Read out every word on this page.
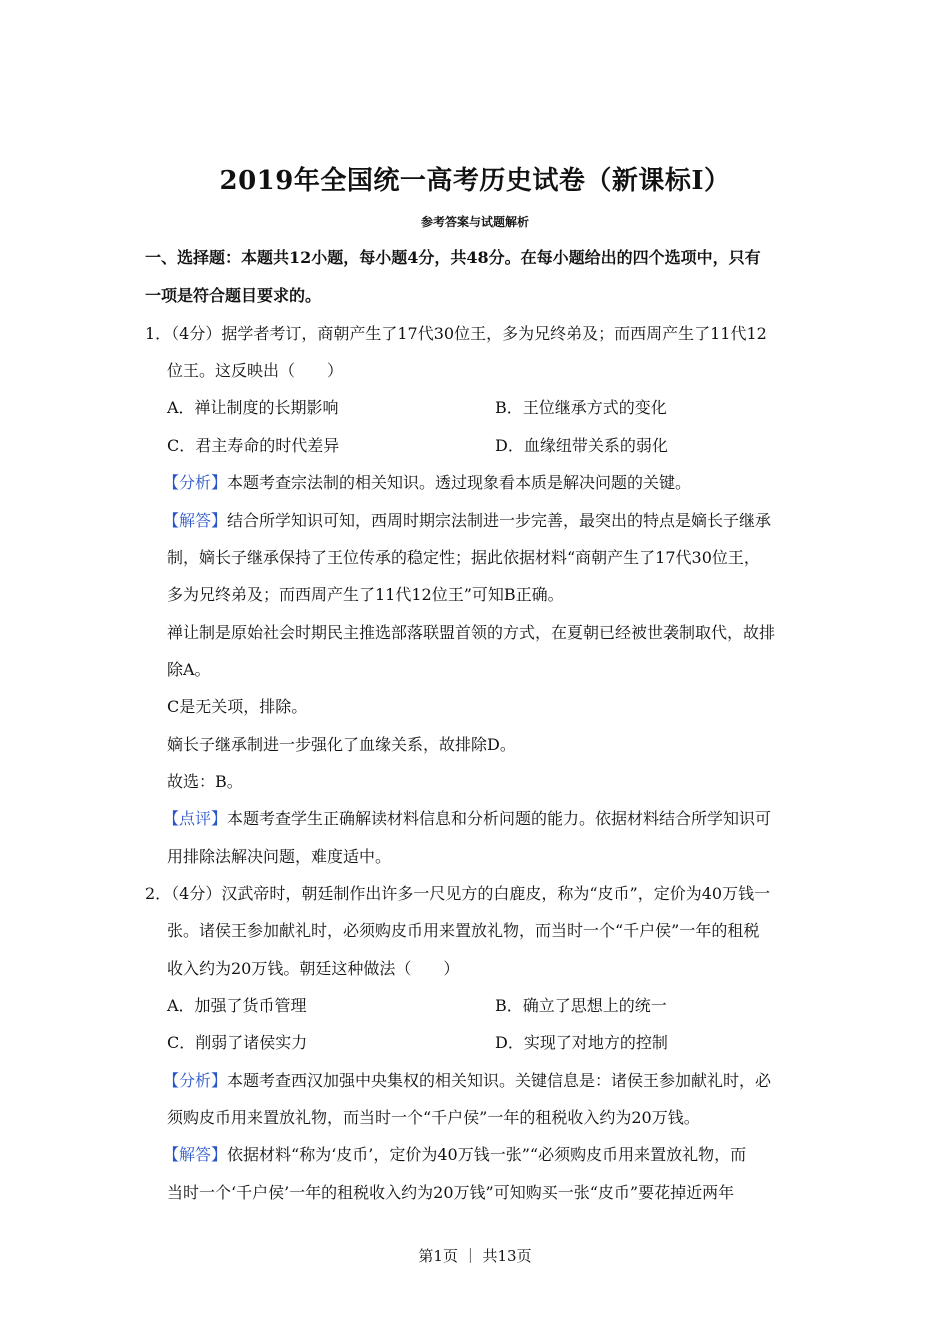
2019年全国统一高考历史试卷（新课标Ⅰ）
参考答案与试题解析
一、选择题：本题共12小题，每小题4分，共48分。在每小题给出的四个选项中，只有
一项是符合题目要求的。
1．（4分）据学者考订，商朝产生了17代30位王，多为兄终弟及；而西周产生了11代12
位王。这反映出（　　）
A．禅让制度的长期影响	B．王位继承方式的变化
C．君主寿命的时代差异	D．血缘纽带关系的弱化
【分析】本题考查宗法制的相关知识。透过现象看本质是解决问题的关键。
【解答】结合所学知识可知，西周时期宗法制进一步完善，最突出的特点是嫡长子继承
制，嫡长子继承保持了王位传承的稳定性；据此依据材料“商朝产生了17代30位王，
多为兄终弟及；而西周产生了11代12位王”可知B正确。
禅让制是原始社会时期民主推选部落联盟首领的方式，在夏朝已经被世袭制取代，故排
除A。
C是无关项，排除。
嫡长子继承制进一步强化了血缘关系，故排除D。
故选：B。
【点评】本题考查学生正确解读材料信息和分析问题的能力。依据材料结合所学知识可
用排除法解决问题，难度适中。
2．（4分）汉武帝时，朝廷制作出许多一尺见方的白鹿皮，称为“皮币”，定价为40万钱一
张。诸侯王参加献礼时，必须购皮币用来置放礼物，而当时一个“千户侯”一年的租税
收入约为20万钱。朝廷这种做法（　　）
A．加强了货币管理	B．确立了思想上的统一
C．削弱了诸侯实力	D．实现了对地方的控制
【分析】本题考查西汉加强中央集权的相关知识。关键信息是：诸侯王参加献礼时，必
须购皮币用来置放礼物，而当时一个“千户侯”一年的租税收入约为20万钱。
【解答】依据材料“称为‘皮币’，定价为40万钱一张”“必须购皮币用来置放礼物，而
当时一个‘千户侯’一年的租税收入约为20万钱”可知购买一张“皮币”要花掉近两年
第1页 ｜ 共13页
